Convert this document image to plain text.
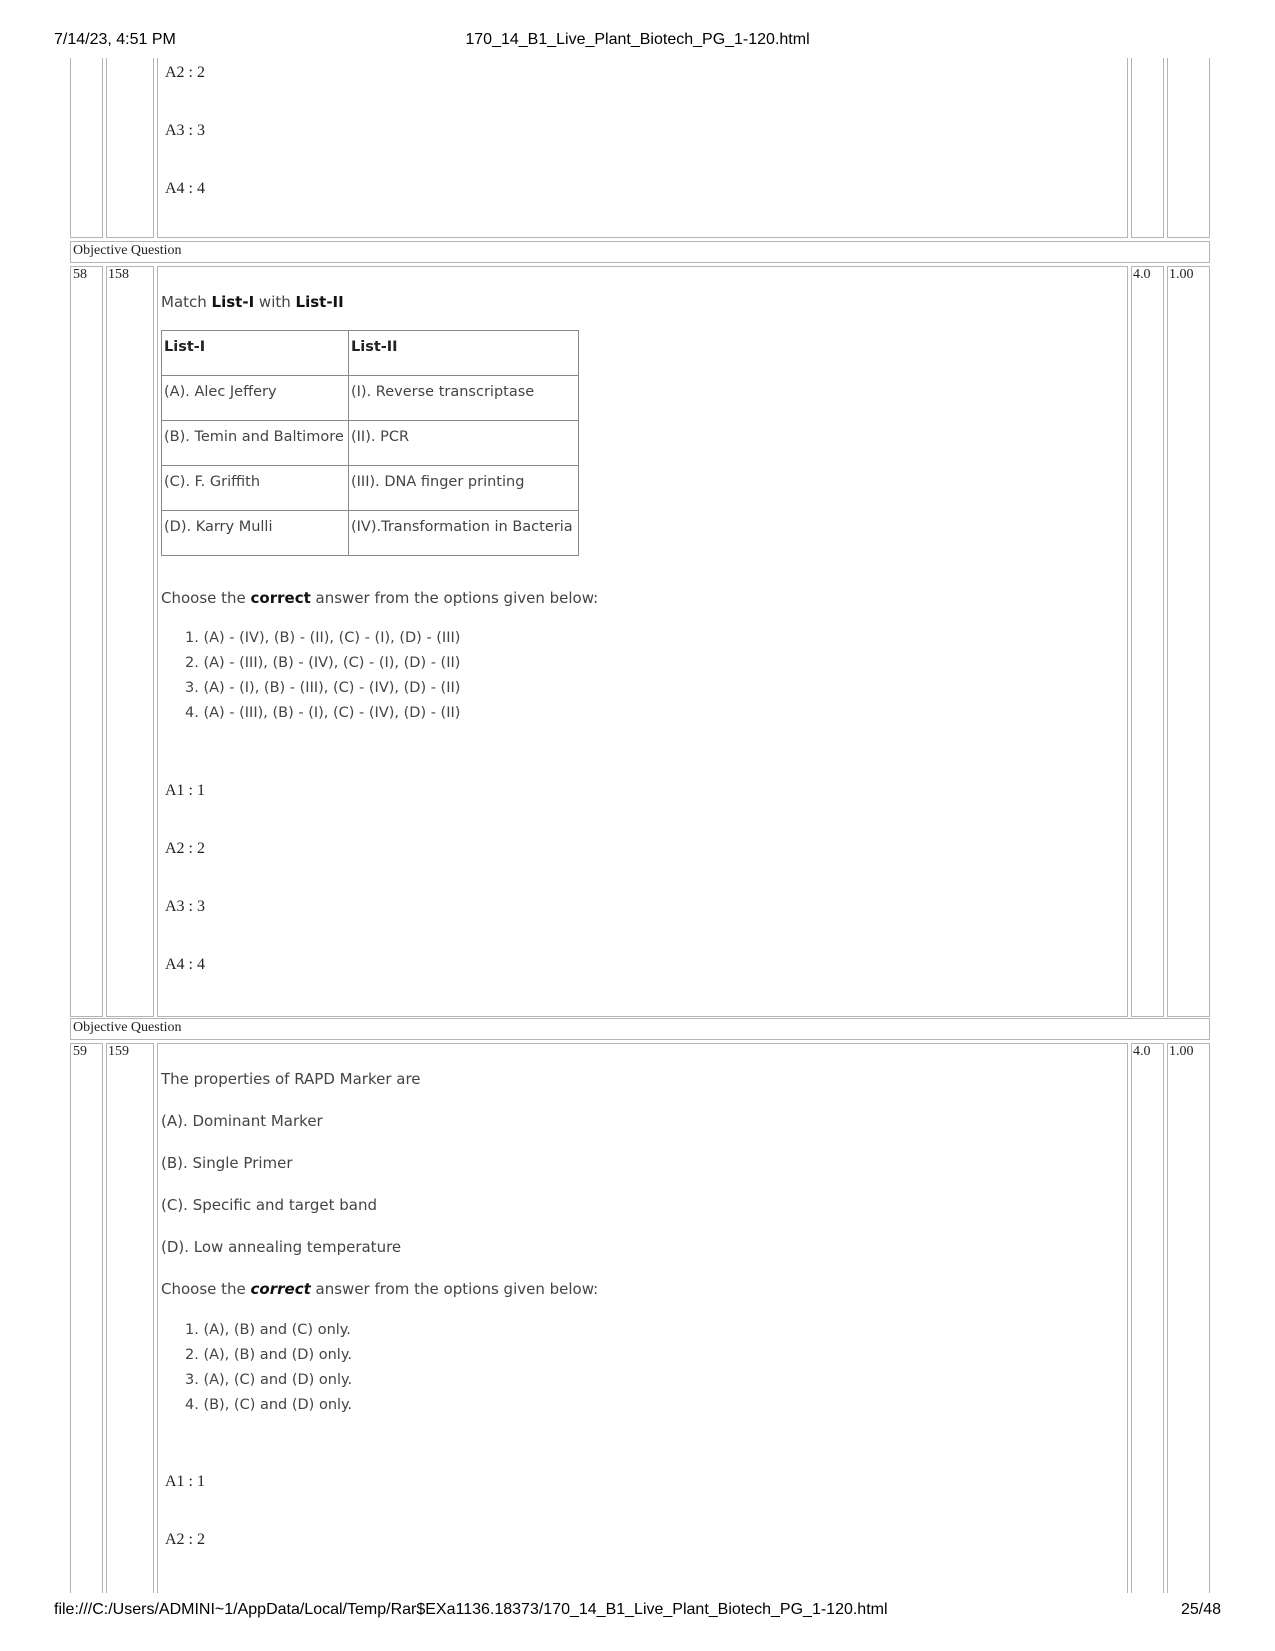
7/14/23, 4:51 PM	170_14_B1_Live_Plant_Biotech_PG_1-120.html
A2 : 2
A3 : 3
A4 : 4
Objective Question
58 158	4.0 1.00
Match List-I with List-II
List-I	List-II
(A). Alec Jeffery	(I). Reverse transcriptase
(B). Temin and Baltimore	(II). PCR
(C). F. Griffith	(III). DNA finger printing
(D). Karry Mulli	(IV).Transformation in Bacteria
Choose the correct answer from the options given below:
1. (A) - (IV), (B) - (II), (C) - (I), (D) - (III)
2. (A) - (III), (B) - (IV), (C) - (I), (D) - (II)
3. (A) - (I), (B) - (III), (C) - (IV), (D) - (II)
4. (A) - (III), (B) - (I), (C) - (IV), (D) - (II)
A1 : 1
A2 : 2
A3 : 3
A4 : 4
Objective Question
59 159	4.0 1.00
The properties of RAPD Marker are
(A). Dominant Marker
(B). Single Primer
(C). Specific and target band
(D). Low annealing temperature
Choose the correct answer from the options given below:
1. (A), (B) and (C) only.
2. (A), (B) and (D) only.
3. (A), (C) and (D) only.
4. (B), (C) and (D) only.
A1 : 1
A2 : 2
file:///C:/Users/ADMINI~1/AppData/Local/Temp/Rar$EXa1136.18373/170_14_B1_Live_Plant_Biotech_PG_1-120.html	25/48
